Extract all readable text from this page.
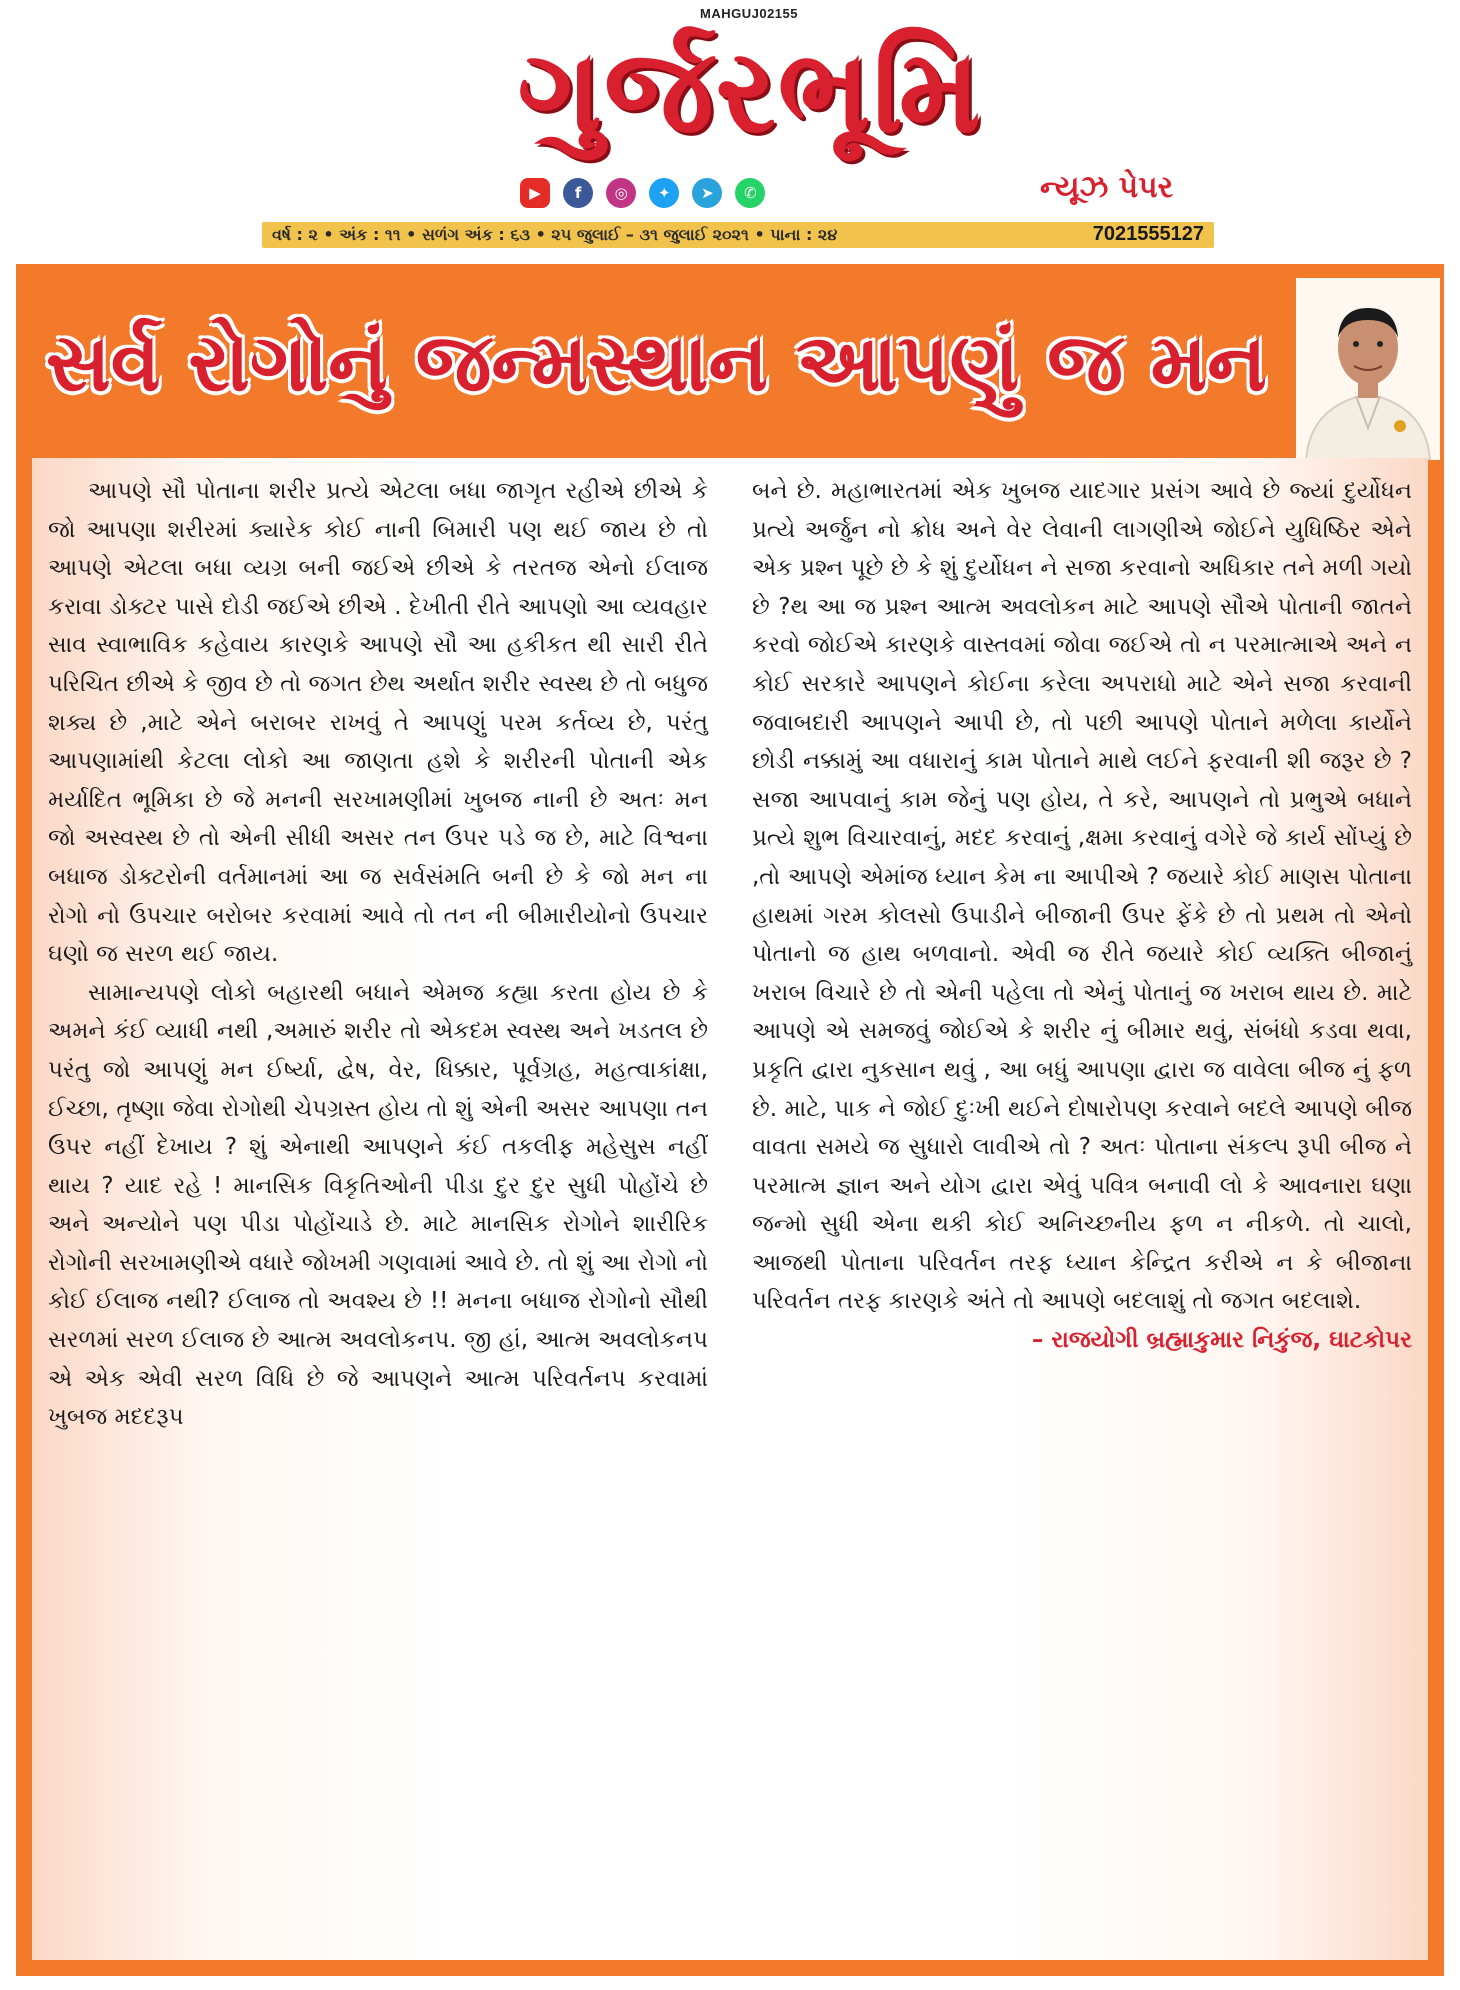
MAHGUJ02155
ગુર્જરભૂમિ
▶ f ◎ ✦ ➤ ✆	ન્યૂઝ પેપર
વર્ષ : ૨ • અંક : ૧૧ • સળંગ અંક : ૬૩ • ૨૫ જુલાઈ – ૩૧ જુલાઈ ૨૦૨૧ • પાના : ૨૪	7021555127
સર્વ રોગોનું જન્મસ્થાન આપણું જ મન

આપણે સૌ પોતાના શરીર પ્રત્યે એટલા બધા જાગૃત રહીએ છીએ કે જો આપણા શરીરમાં ક્યારેક કોઈ નાની બિમારી પણ થઈ જાય છે તો આપણે એટલા બધા વ્યગ્ર બની જઈએ છીએ કે તરતજ એનો ઈલાજ કરાવા ડોક્ટર પાસે દોડી જઈએ છીએ . દેખીતી રીતે આપણો આ વ્યવહાર સાવ સ્વાભાવિક કહેવાય કારણકે આપણે સૌ આ હકીકત થી સારી રીતે પરિચિત છીએ કે જીવ છે તો જગત છેથ અર્થાત શરીર સ્વસ્થ છે તો બધુજ શક્ય છે ,માટે એને બરાબર રાખવું તે આપણું પરમ કર્તવ્ય છે, પરંતુ આપણામાંથી કેટલા લોકો આ જાણતા હશે કે શરીરની પોતાની એક મર્યાદિત ભૂમિકા છે જે મનની સરખામણીમાં ખુબજ નાની છે અતઃ મન જો અસ્વસ્થ છે તો એની સીધી અસર તન ઉપર પડે જ છે, માટે વિશ્વના બધાજ ડોક્ટરોની વર્તમાનમાં આ જ સર્વસંમતિ બની છે કે જો મન ના રોગો નો ઉપચાર બરોબર કરવામાં આવે તો તન ની બીમારીયોનો ઉપચાર ઘણો જ સરળ થઈ જાય.

સામાન્યપણે લોકો બહારથી બધાને એમજ કહ્યા કરતા હોય છે કે અમને કંઈ વ્યાધી નથી ,અમારું શરીર તો એકદમ સ્વસ્થ અને ખડતલ છે પરંતુ જો આપણું મન ઈર્ષ્યા, દ્વેષ, વેર, ધિક્કાર, પૂર્વગ્રહ, મહત્વાકાંક્ષા, ઈચ્છા, તૃષ્ણા જેવા રોગોથી ચેપગ્રસ્ત હોય તો શું એની અસર આપણા તન ઉપર નહીં દેખાય ? શું એનાથી આપણને કંઈ તકલીફ મહેસુસ નહીં થાય ? યાદ રહે ! માનસિક વિકૃતિઓની પીડા દુર દુર સુધી પોહોંચે છે અને અન્યોને પણ પીડા પોહોંચાડે છે. માટે માનસિક રોગોને શારીરિક રોગોની સરખામણીએ વધારે જોખમી ગણવામાં આવે છે. તો શું આ રોગો નો કોઈ ઈલાજ નથી? ઈલાજ તો અવશ્ય છે !! મનના બધાજ રોગોનો સૌથી સરળમાં સરળ ઈલાજ છે આત્મ અવલોકનપ. જી હાં, આત્મ અવલોકનપ એ એક એવી સરળ વિધિ છે જે આપણને આત્મ પરિવર્તનપ કરવામાં ખુબજ મદદરૂપ

બને છે. મહાભારતમાં એક ખુબજ યાદગાર પ્રસંગ આવે છે જ્યાં દુર્યોધન પ્રત્યે અર્જુન નો ક્રોધ અને વેર લેવાની લાગણીએ જોઈને યુધિષ્ઠિર એને એક પ્રશ્ન પૂછે છે કે શું દુર્યોધન ને સજા કરવાનો અધિકાર તને મળી ગયો છે ?થ આ જ પ્રશ્ન આત્મ અવલોકન માટે આપણે સૌએ પોતાની જાતને કરવો જોઈએ કારણકે વાસ્તવમાં જોવા જઈએ તો ન પરમાત્માએ અને ન કોઈ સરકારે આપણને કોઈના કરેલા અપરાધો માટે એને સજા કરવાની જવાબદારી આપણને આપી છે, તો પછી આપણે પોતાને મળેલા કાર્યોને છોડી નક્કામું આ વધારાનું કામ પોતાને માથે લઈને ફરવાની શી જરૂર છે ? સજા આપવાનું કામ જેનું પણ હોય, તે કરે, આપણને તો પ્રભુએ બધાને પ્રત્યે શુભ વિચારવાનું, મદદ કરવાનું ,ક્ષમા કરવાનું વગેરે જે કાર્ય સોંપ્યું છે ,તો આપણે એમાંજ ધ્યાન કેમ ના આપીએ ? જયારે કોઈ માણસ પોતાના હાથમાં ગરમ કોલસો ઉપાડીને બીજાની ઉપર ફેંકે છે તો પ્રથમ તો એનો પોતાનો જ હાથ બળવાનો. એવી જ રીતે જયારે કોઈ વ્યક્તિ બીજાનું ખરાબ વિચારે છે તો એની પહેલા તો એનું પોતાનું જ ખરાબ થાય છે. માટે આપણે એ સમજવું જોઈએ કે શરીર નું બીમાર થવું, સંબંધો કડવા થવા, પ્રકૃતિ દ્વારા નુકસાન થવું , આ બધું આપણા દ્વારા જ વાવેલા બીજ નું ફળ છે. માટે, પાક ને જોઈ દુઃખી થઈને દોષારોપણ કરવાને બદલે આપણે બીજ વાવતા સમયે જ સુધારો લાવીએ તો ? અતઃ પોતાના સંકલ્પ રૂપી બીજ ને પરમાત્મ જ્ઞાન અને યોગ દ્વારા એવું પવિત્ર બનાવી લો કે આવનારા ઘણા જન્મો સુધી એના થકી કોઈ અનિચ્છનીય ફળ ન નીકળે. તો ચાલો, આજથી પોતાના પરિવર્તન તરફ ધ્યાન કેન્દ્રિત કરીએ ન કે બીજાના પરિવર્તન તરફ કારણકે અંતે તો આપણે બદલાશું તો જગત બદલાશે.

– રાજયોગી બ્રહ્માકુમાર નિકુંજ, ઘાટકોપર
